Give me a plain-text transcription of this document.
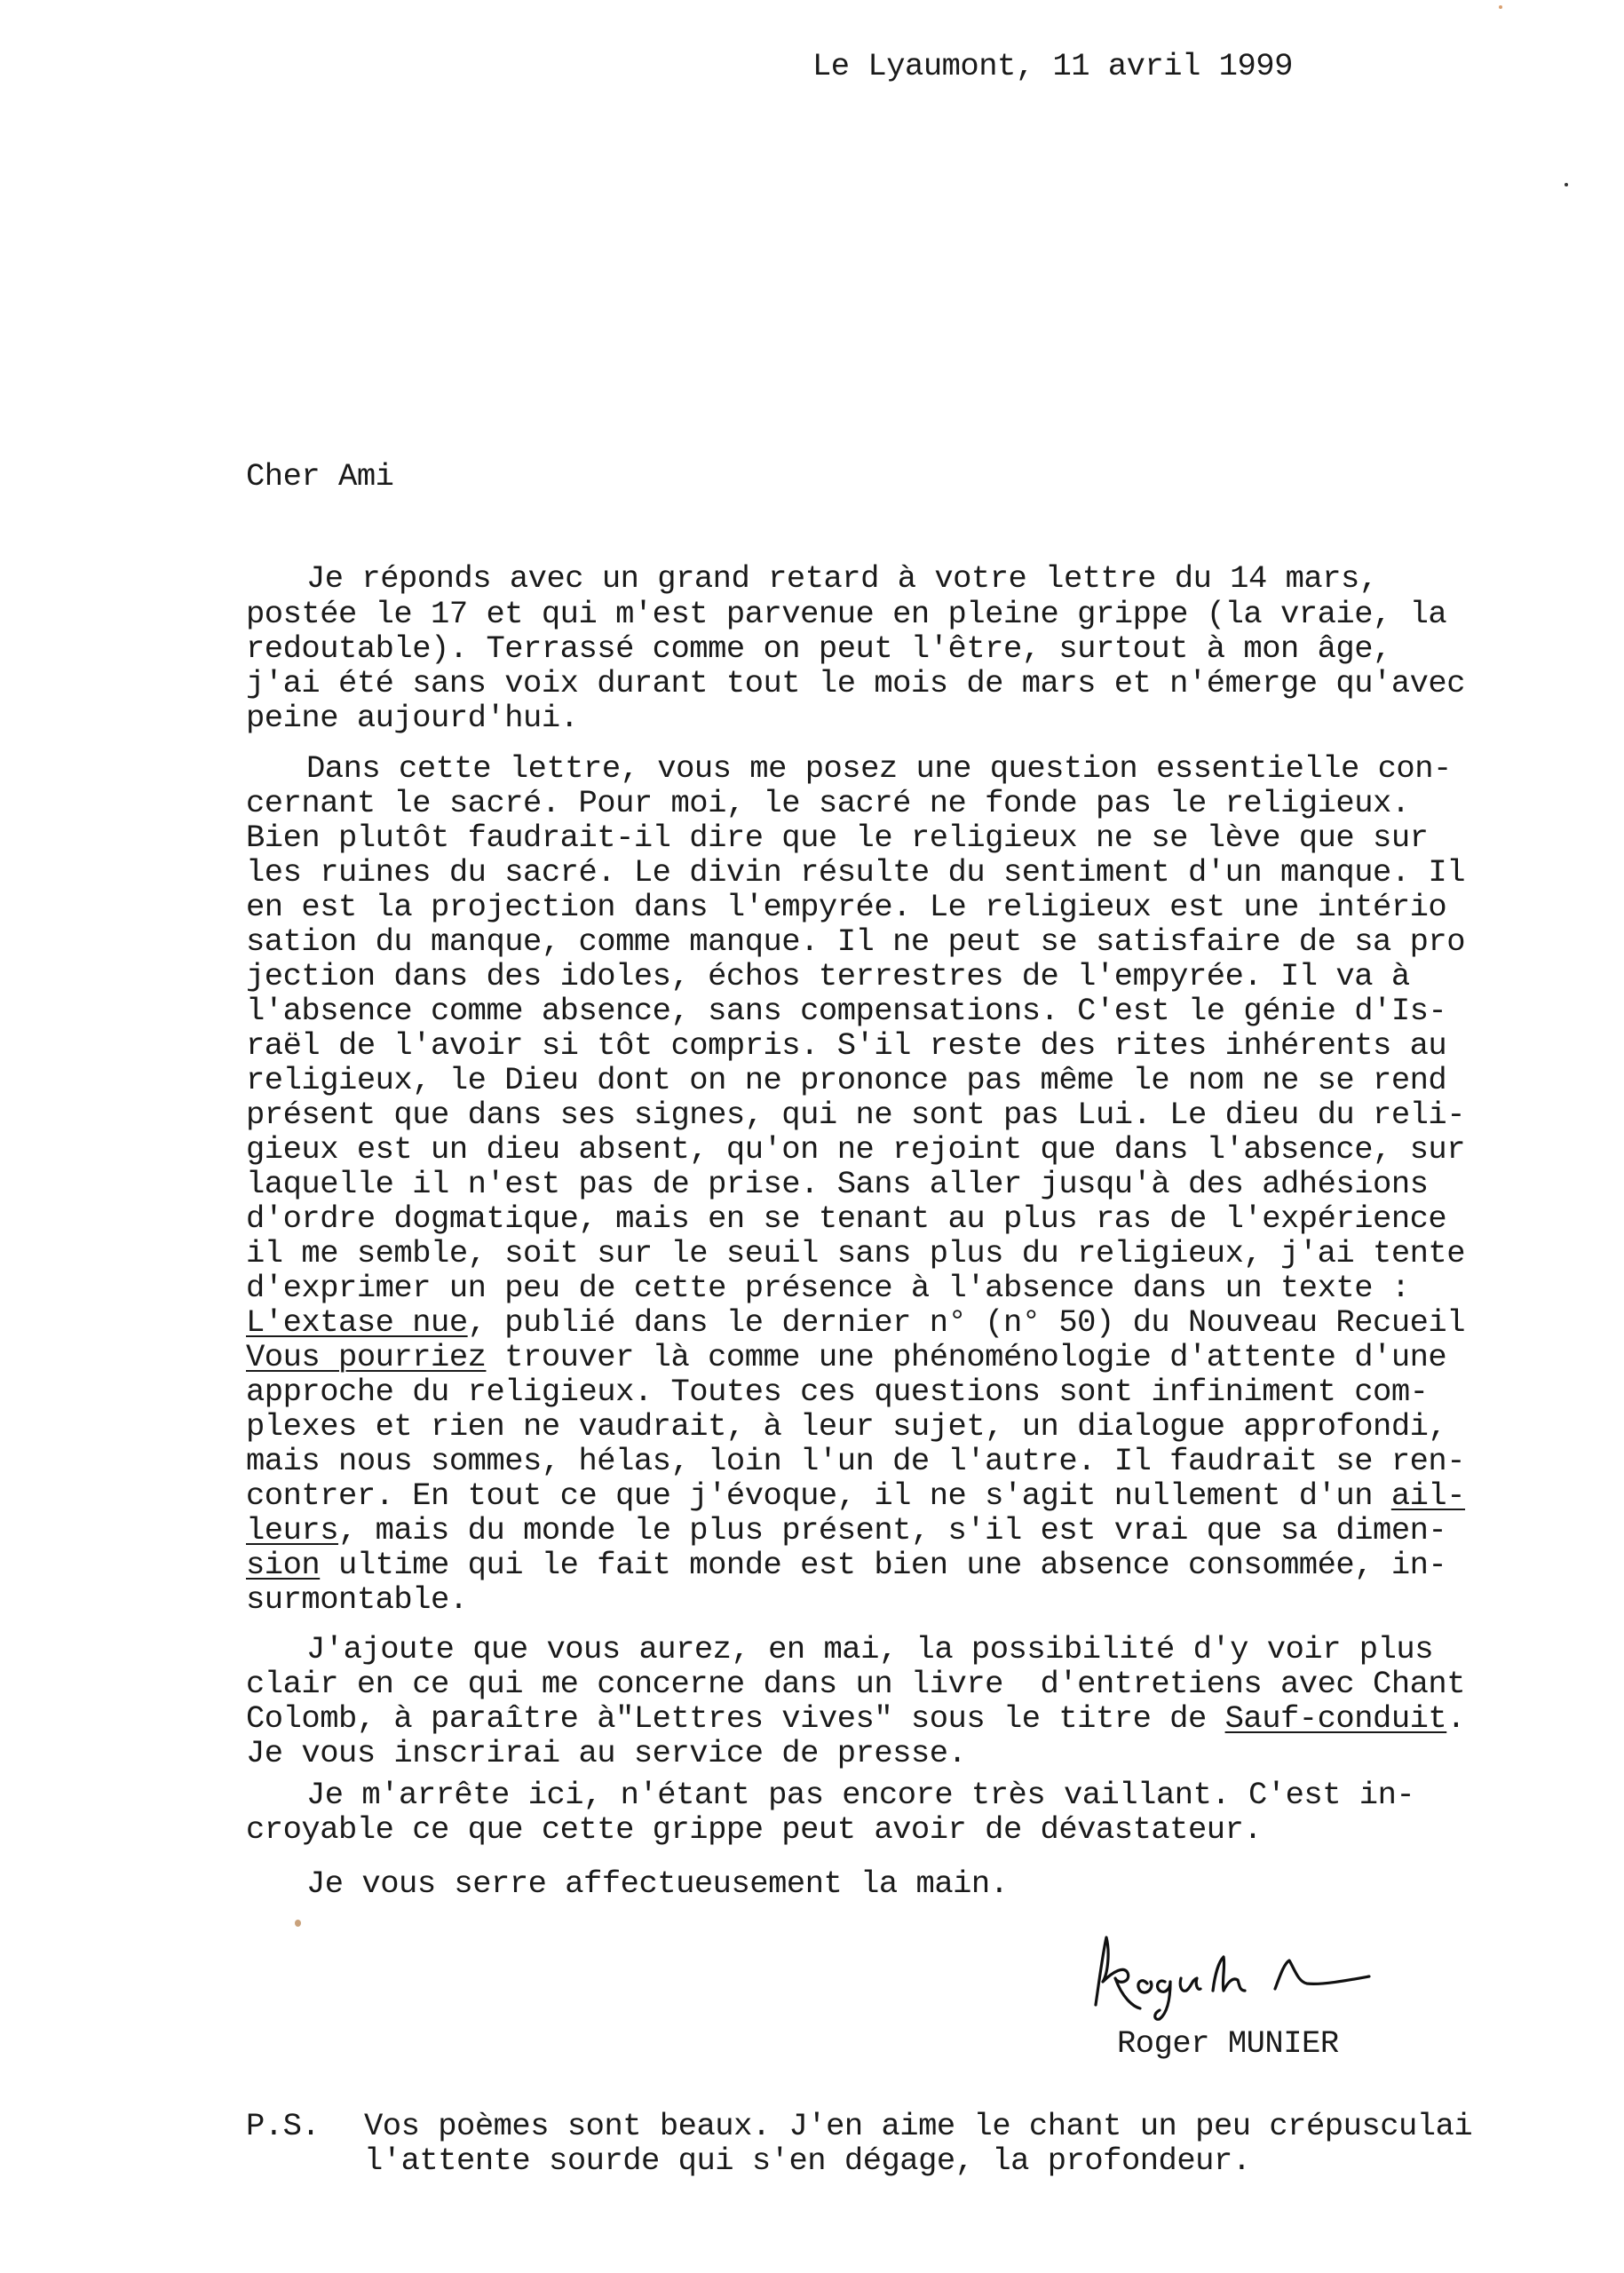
Le Lyaumont, 11 avril 1999
Cher Ami
Je réponds avec un grand retard à votre lettre du 14 mars,
postée le 17 et qui m'est parvenue en pleine grippe (la vraie, la
redoutable). Terrassé comme on peut l'être, surtout à mon âge,
j'ai été sans voix durant tout le mois de mars et n'émerge qu'avec
peine aujourd'hui.
Dans cette lettre, vous me posez une question essentielle con-
cernant le sacré. Pour moi, le sacré ne fonde pas le religieux.
Bien plutôt faudrait-il dire que le religieux ne se lève que sur
les ruines du sacré. Le divin résulte du sentiment d'un manque. Il
en est la projection dans l'empyrée. Le religieux est une intério
sation du manque, comme manque. Il ne peut se satisfaire de sa pro
jection dans des idoles, échos terrestres de l'empyrée. Il va à
l'absence comme absence, sans compensations. C'est le génie d'Is-
raël de l'avoir si tôt compris. S'il reste des rites inhérents au
religieux, le Dieu dont on ne prononce pas même le nom ne se rend
présent que dans ses signes, qui ne sont pas Lui. Le dieu du reli-
gieux est un dieu absent, qu'on ne rejoint que dans l'absence, sur
laquelle il n'est pas de prise. Sans aller jusqu'à des adhésions
d'ordre dogmatique, mais en se tenant au plus ras de l'expérience
il me semble, soit sur le seuil sans plus du religieux, j'ai tente
d'exprimer un peu de cette présence à l'absence dans un texte :
L'extase nue, publié dans le dernier n° (n° 50) du Nouveau Recueil
Vous pourriez trouver là comme une phénoménologie d'attente d'une
approche du religieux. Toutes ces questions sont infiniment com-
plexes et rien ne vaudrait, à leur sujet, un dialogue approfondi,
mais nous sommes, hélas, loin l'un de l'autre. Il faudrait se ren-
contrer. En tout ce que j'évoque, il ne s'agit nullement d'un ail-
leurs, mais du monde le plus présent, s'il est vrai que sa dimen-
sion ultime qui le fait monde est bien une absence consommée, in-
surmontable.
J'ajoute que vous aurez, en mai, la possibilité d'y voir plus
clair en ce qui me concerne dans un livre  d'entretiens avec Chant
Colomb, à paraître à"Lettres vives" sous le titre de Sauf-conduit.
Je vous inscrirai au service de presse.
Je m'arrête ici, n'étant pas encore très vaillant. C'est in-
croyable ce que cette grippe peut avoir de dévastateur.
Je vous serre affectueusement la main.
Roger MUNIER
P.S. Vos poèmes sont beaux. J'en aime le chant un peu crépusculai
l'attente sourde qui s'en dégage, la profondeur.
